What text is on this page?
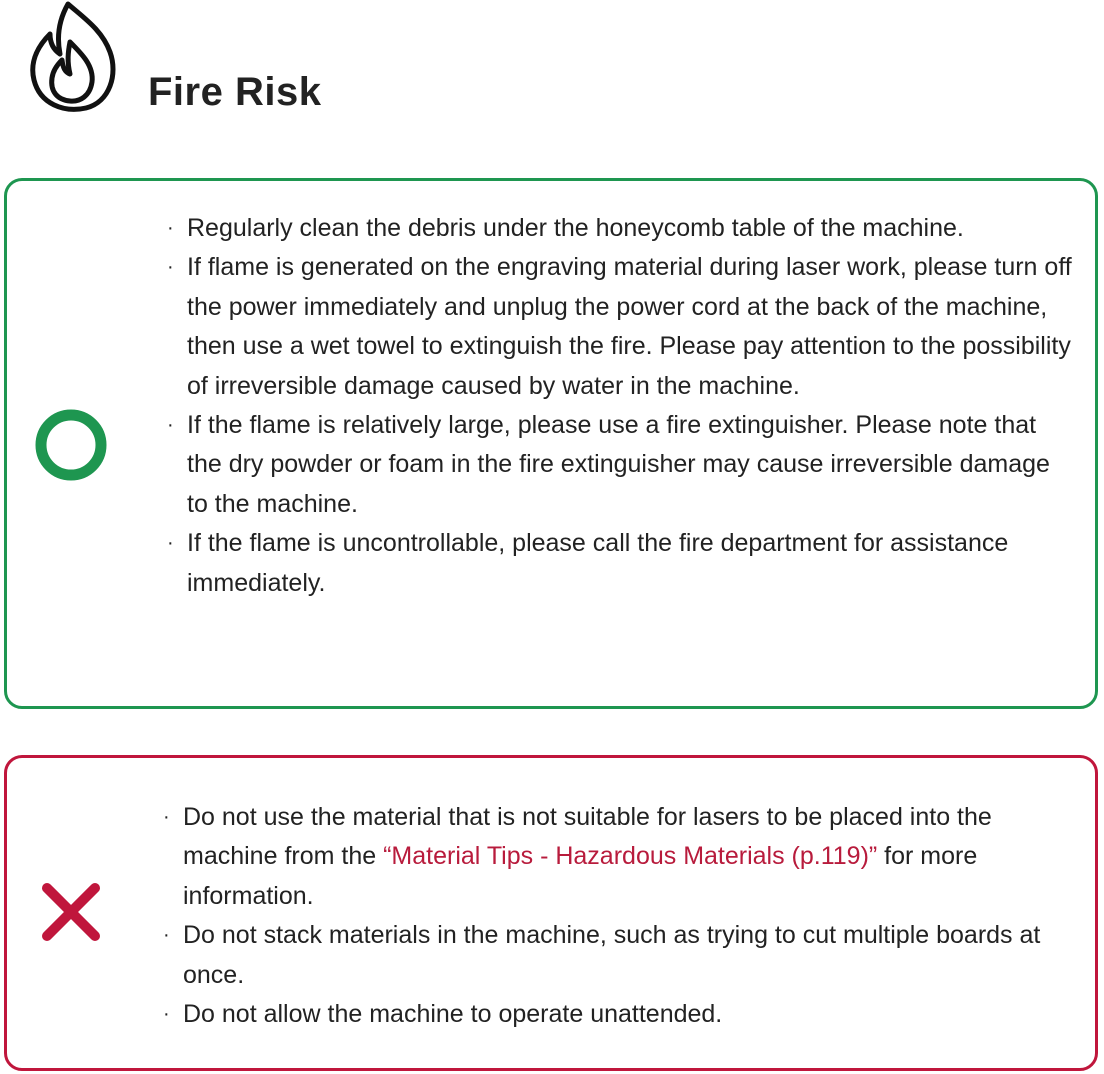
Fire Risk
· Regularly clean the debris under the honeycomb table of the machine.
· If flame is generated on the engraving material during laser work, please turn off the power immediately and unplug the power cord at the back of the machine, then use a wet towel to extinguish the fire. Please pay attention to the possibility of irreversible damage caused by water in the machine.
· If the flame is relatively large, please use a fire extinguisher. Please note that the dry powder or foam in the fire extinguisher may cause irreversible damage to the machine.
· If the flame is uncontrollable, please call the fire department for assistance immediately.
· Do not use the material that is not suitable for lasers to be placed into the machine from the “Material Tips - Hazardous Materials (p.119)” for more information.
· Do not stack materials in the machine, such as trying to cut multiple boards at once.
· Do not allow the machine to operate unattended.
